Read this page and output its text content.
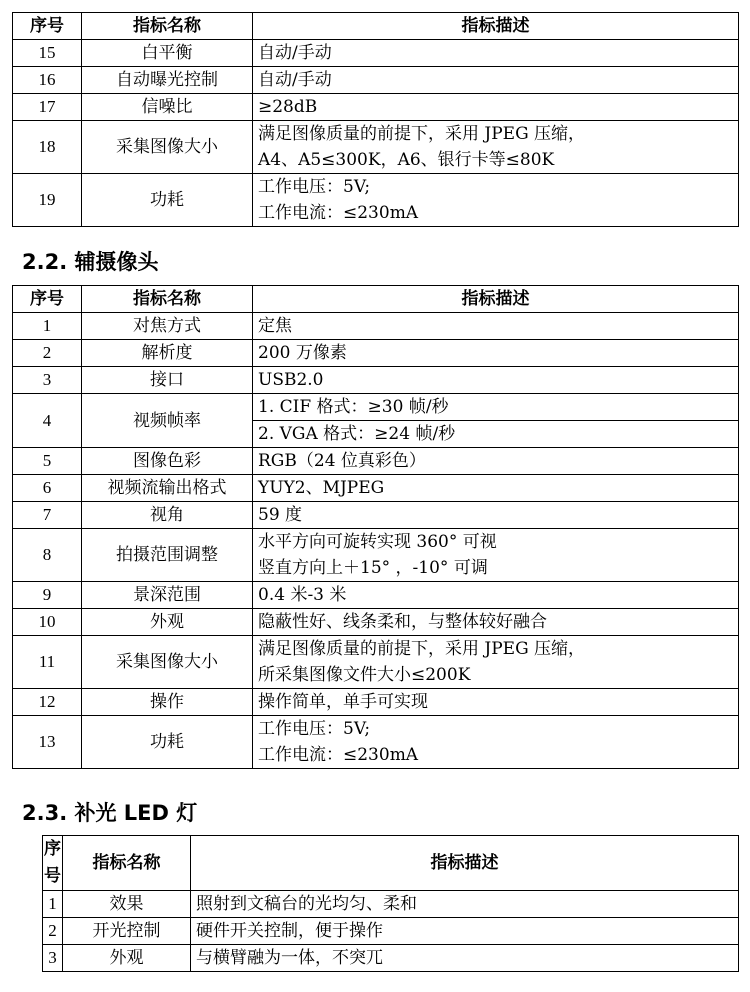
序号	指标名称	指标描述
15	白平衡	自动/手动
16	自动曝光控制	自动/手动
17	信噪比	≥28dB
18	采集图像大小	满足图像质量的前提下，采用 JPEG 压缩，
A4、A5≤300K，A6、银行卡等≤80K

19	功耗	工作电压：5V;
工作电流：≤230mA
2.2. 辅摄像头
序号	指标名称	指标描述
1	对焦方式	定焦
2	解析度	200 万像素
3	接口	USB2.0
4	视频帧率	1. CIF 格式：≥30 帧/秒
		2. VGA 格式：≥24 帧/秒
5	图像色彩	RGB（24 位真彩色）
6	视频流输出格式	YUY2、MJPEG
7	视角	59 度
8	拍摄范围调整	水平方向可旋转实现 360° 可视
竖直方向上＋15° ，-10° 可调

9	景深范围	0.4 米-3 米
10	外观	隐蔽性好、线条柔和，与整体较好融合
11	采集图像大小	满足图像质量的前提下，采用 JPEG 压缩，
所采集图像文件大小≤200K

12	操作	操作简单，单手可实现
13	功耗	工作电压：5V;
工作电流：≤230mA
2.3. 补光 LED 灯
序
号	指标名称	指标描述
1	效果	照射到文稿台的光均匀、柔和
2	开光控制	硬件开关控制，便于操作
3	外观	与横臂融为一体，不突兀
